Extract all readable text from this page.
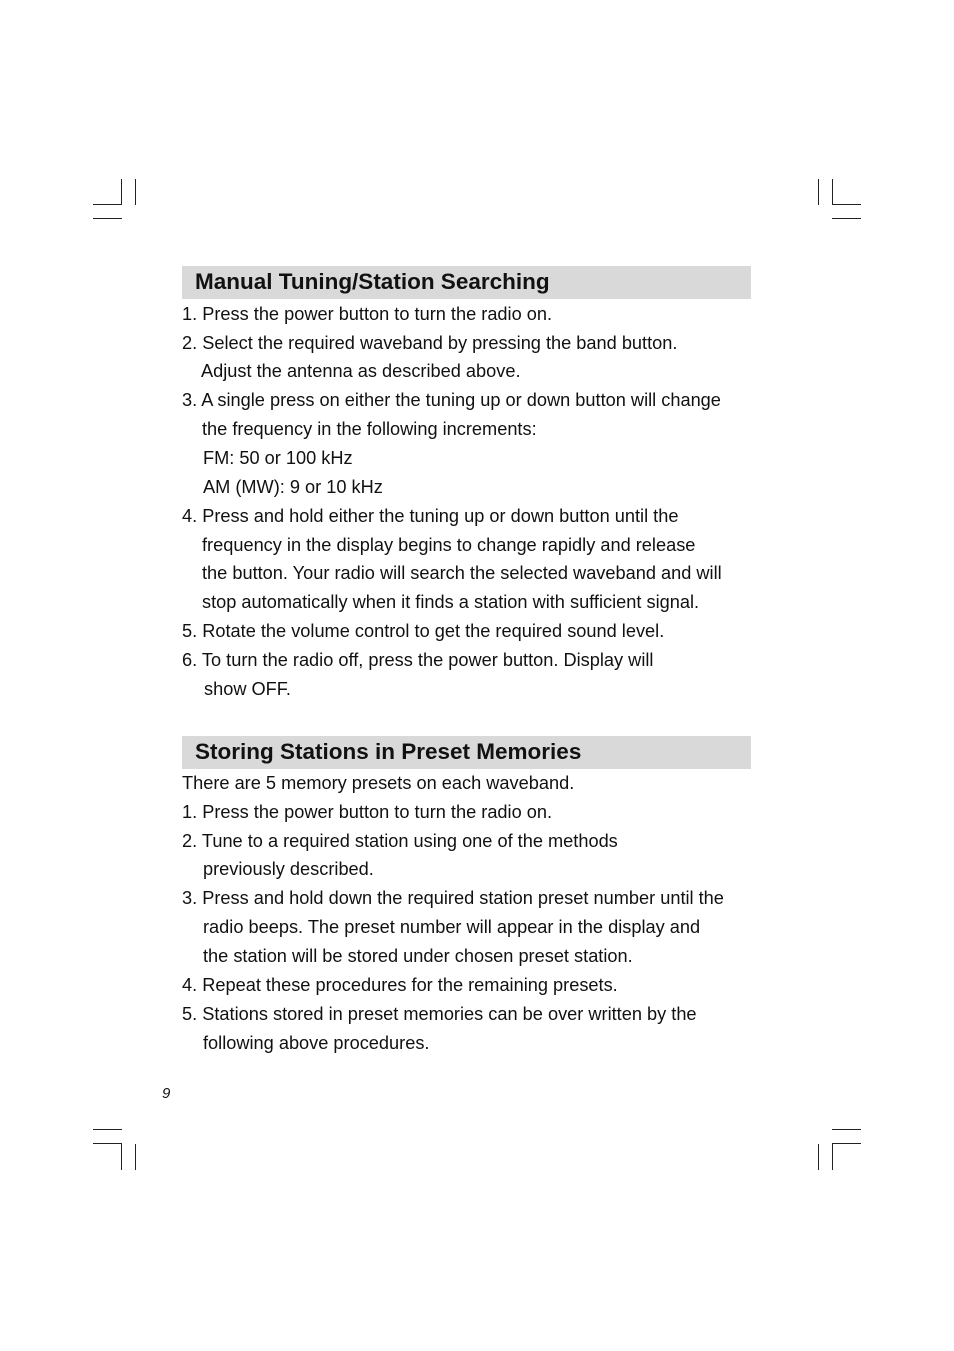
Manual Tuning/Station Searching
1. Press the power button to turn the radio on.
2. Select the required waveband by pressing the band button.
Adjust the antenna as described above.
3. A single press on either the tuning up or down button will change
the frequency in the following increments:
FM: 50 or 100 kHz
AM (MW): 9 or 10 kHz
4. Press and hold either the tuning up or down button until the
frequency in the display begins to change rapidly and release
the button. Your radio will search the selected waveband and will
stop automatically when it finds a station with sufficient signal.
5. Rotate the volume control to get the required sound level.
6. To turn the radio off, press the power button. Display will
show OFF.
Storing Stations in Preset Memories
There are 5 memory presets on each waveband.
1. Press the power button to turn the radio on.
2. Tune to a required station using one of the methods
previously described.
3. Press and hold down the required station preset number until the
radio beeps. The preset number will appear in the display and
the station will be stored under chosen preset station.
4. Repeat these procedures for the remaining presets.
5. Stations stored in preset memories can be over written by the
following above procedures.
9
